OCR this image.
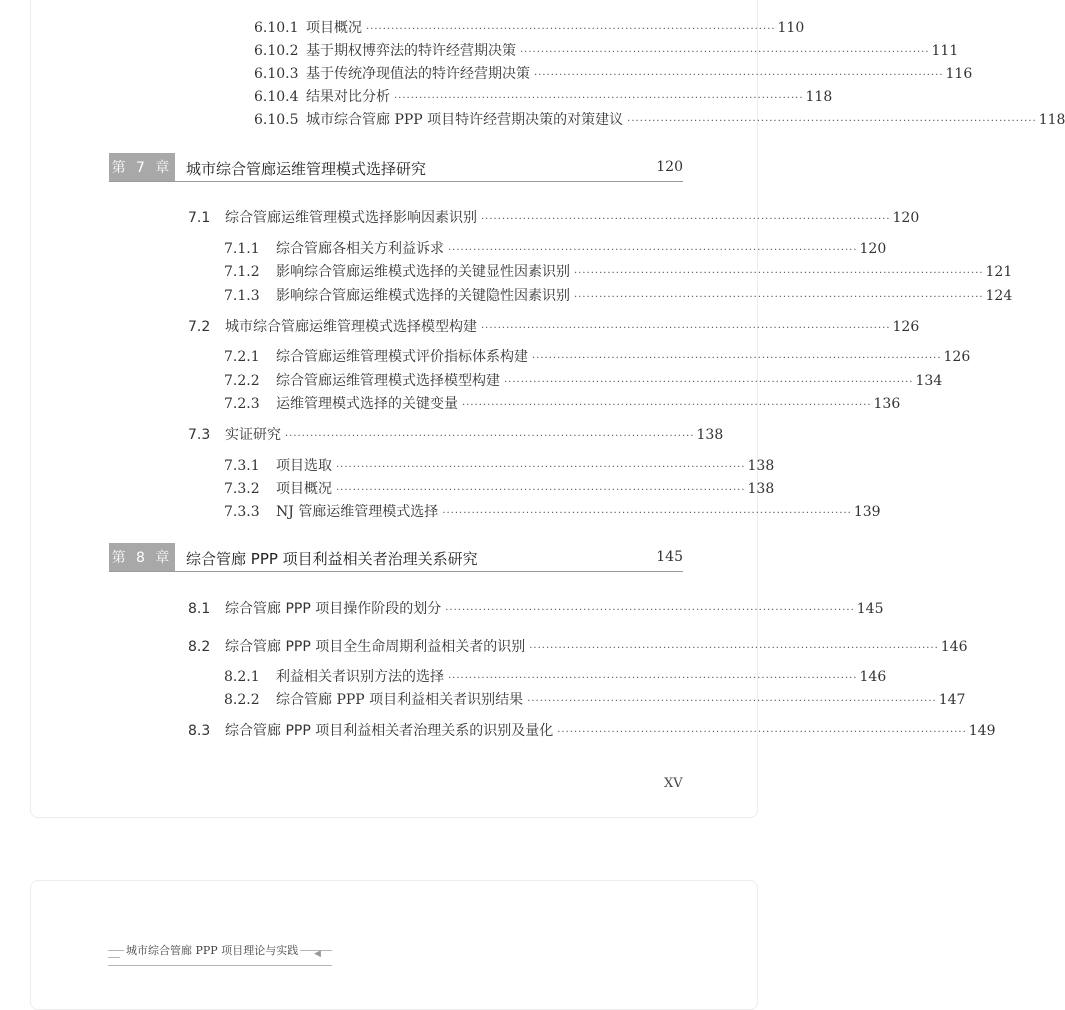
6.10.1 项目概况 ·································································································· 110
6.10.2 基于期权博弈法的特许经营期决策 ·································································································· 111
6.10.3 基于传统净现值法的特许经营期决策 ·································································································· 116
6.10.4 结果对比分析 ·································································································· 118
6.10.5 城市综合管廊 PPP 项目特许经营期决策的对策建议 ·································································································· 118
第 7 章 城市综合管廊运维管理模式选择研究	120
7.1	综合管廊运维管理模式选择影响因素识别 ·································································································· 120
7.1.1	综合管廊各相关方利益诉求 ·································································································· 120
7.1.2	影响综合管廊运维模式选择的关键显性因素识别 ·································································································· 121
7.1.3	影响综合管廊运维模式选择的关键隐性因素识别 ·································································································· 124
7.2	城市综合管廊运维管理模式选择模型构建 ·································································································· 126
7.2.1	综合管廊运维管理模式评价指标体系构建 ·································································································· 126
7.2.2	综合管廊运维管理模式选择模型构建 ·································································································· 134
7.2.3	运维管理模式选择的关键变量 ·································································································· 136
7.3	实证研究 ·································································································· 138
7.3.1	项目选取 ·································································································· 138
7.3.2	项目概况 ·································································································· 138
7.3.3	NJ 管廊运维管理模式选择 ·································································································· 139
第 8 章 综合管廊 PPP 项目利益相关者治理关系研究	145
8.1	综合管廊 PPP 项目操作阶段的划分 ·································································································· 145
8.2	综合管廊 PPP 项目全生命周期利益相关者的识别 ·································································································· 146
8.2.1	利益相关者识别方法的选择 ·································································································· 146
8.2.2	综合管廊 PPP 项目利益相关者识别结果 ·································································································· 147
8.3	综合管廊 PPP 项目利益相关者治理关系的识别及量化 ·································································································· 149
XV
城市综合管廊 PPP 项目理论与实践 ◀
